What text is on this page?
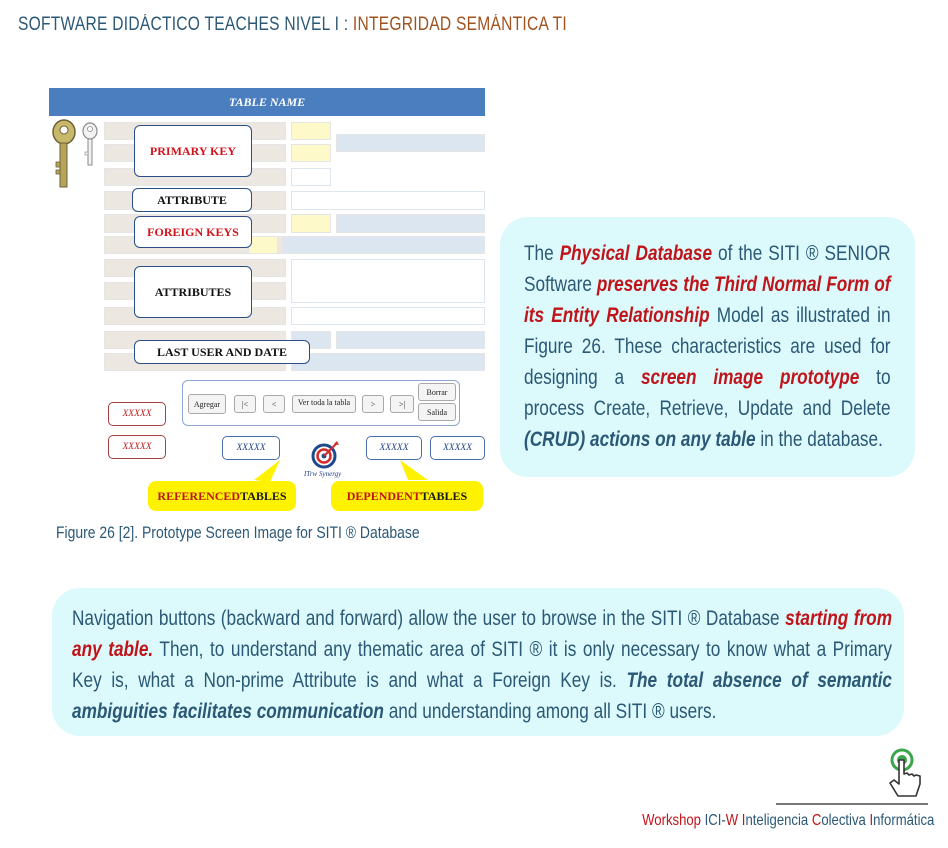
SOFTWARE DIDÁCTICO TEACHES NIVEL I : INTEGRIDAD SEMÁNTICA TI
TABLE NAME
PRIMARY KEY
ATTRIBUTE
FOREIGN KEYS
ATTRIBUTES
LAST USER AND DATE
Agregar	|<	<	Ver toda la tabla	>	>|
Borrar
Salida
XXXXX
XXXXX	XXXXX	XXXXX	XXXXX
ITrw Synergy
REFERENCED TABLES	DEPENDENT TABLES
Figure 26 [2]. Prototype Screen Image for SITI ® Database
The Physical Database of the SITI ® SENIOR Software preserves the Third Normal Form of its Entity Relationship Model as illustrated in Figure 26. These characteristics are used for designing a screen image prototype to process Create, Retrieve, Update and Delete (CRUD) actions on any table in the database.
Navigation buttons (backward and forward) allow the user to browse in the SITI ® Database starting from any table. Then, to understand any thematic area of SITI ® it is only necessary to know what a Primary Key is, what a Non-prime Attribute is and what a Foreign Key is. The total absence of semantic ambiguities facilitates communication and understanding among all SITI ® users.
Workshop ICI-W Inteligencia Colectiva Informática
